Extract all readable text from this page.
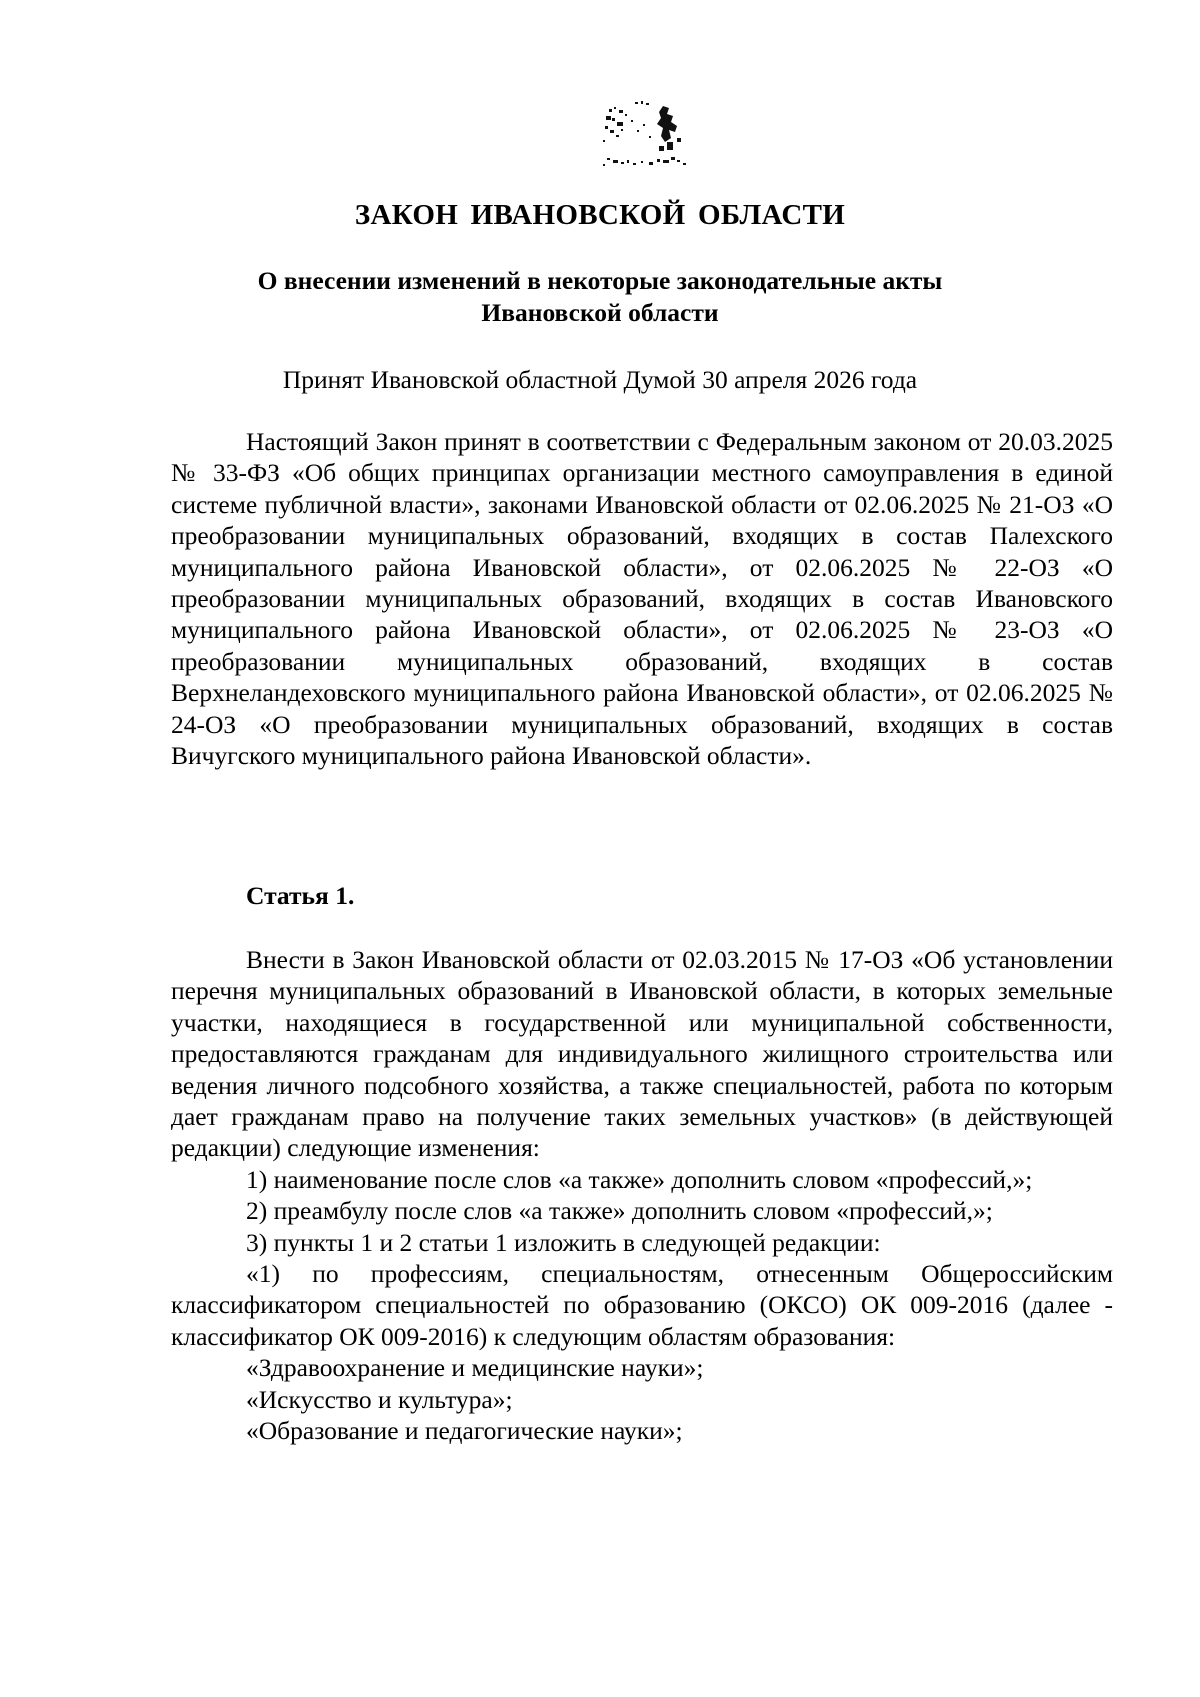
ЗАКОН ИВАНОВСКОЙ ОБЛАСТИ
О внесении изменений в некоторые законодательные акты
Ивановской области
Принят Ивановской областной Думой 30 апреля 2026 года

Настоящий Закон принят в соответствии с Федеральным законом от 20.03.2025 № 33-ФЗ «Об общих принципах организации местного самоуправления в единой системе публичной власти», законами Ивановской области от 02.06.2025 № 21-ОЗ «О преобразовании муниципальных образований, входящих в состав Палехского муниципального района Ивановской области», от 02.06.2025 № 22-ОЗ «О преобразовании муниципальных образований, входящих в состав Ивановского муниципального района Ивановской области», от 02.06.2025 № 23-ОЗ «О преобразовании муниципальных образований, входящих в состав Верхнеландеховского муниципального района Ивановской области», от 02.06.2025 № 24-ОЗ «О преобразовании муниципальных образований, входящих в состав Вичугского муниципального района Ивановской области».

Статья 1.

Внести в Закон Ивановской области от 02.03.2015 № 17-ОЗ «Об установлении перечня муниципальных образований в Ивановской области, в которых земельные участки, находящиеся в государственной или муниципальной собственности, предоставляются гражданам для индивидуального жилищного строительства или ведения личного подсобного хозяйства, а также специальностей, работа по которым дает гражданам право на получение таких земельных участков» (в действующей редакции) следующие изменения:

1) наименование после слов «а также» дополнить словом «профессий,»;

2) преамбулу после слов «а также» дополнить словом «профессий,»;

3) пункты 1 и 2 статьи 1 изложить в следующей редакции:

«1) по профессиям, специальностям, отнесенным Общероссийским классификатором специальностей по образованию (ОКСО) ОК 009-2016 (далее - классификатор ОК 009-2016) к следующим областям образования:

«Здравоохранение и медицинские науки»;

«Искусство и культура»;

«Образование и педагогические науки»;
